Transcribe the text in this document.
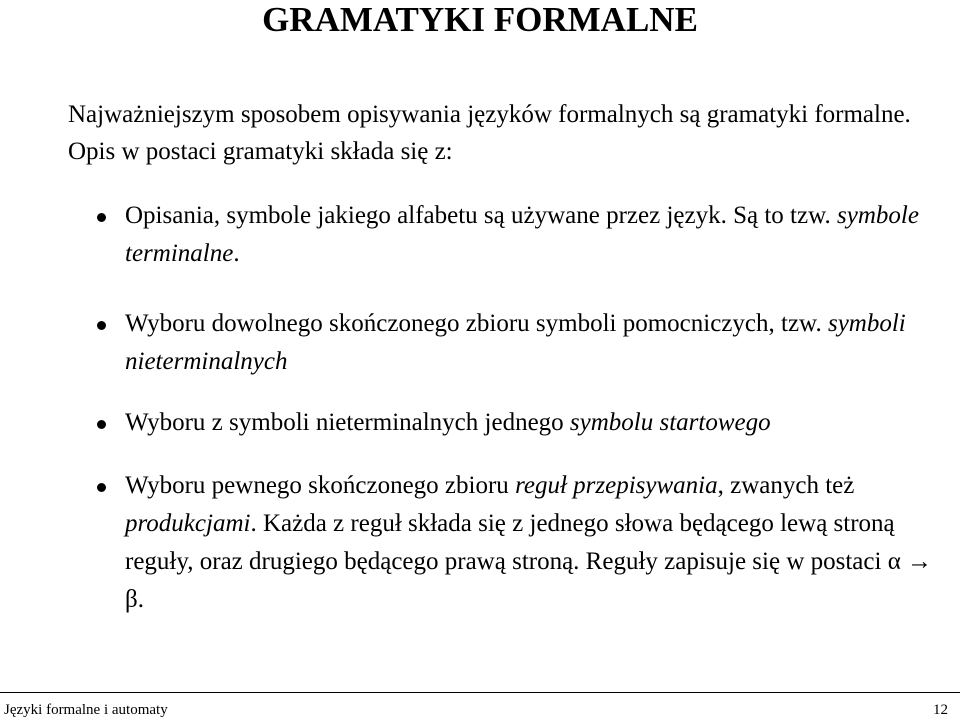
GRAMATYKI FORMALNE
Najważniejszym sposobem opisywania języków formalnych są gramatyki formalne. Opis w postaci gramatyki składa się z:
Opisania, symbole jakiego alfabetu są używane przez język. Są to tzw. symbole terminalne.
Wyboru dowolnego skończonego zbioru symboli pomocniczych, tzw. symboli nieterminalnych
Wyboru z symboli nieterminalnych jednego symbolu startowego
Wyboru pewnego skończonego zbioru reguł przepisywania, zwanych też produkcjami. Każda z reguł składa się z jednego słowa będącego lewą stroną reguły, oraz drugiego będącego prawą stroną. Reguły zapisuje się w postaci α → β.
Języki formalne i automaty	12
